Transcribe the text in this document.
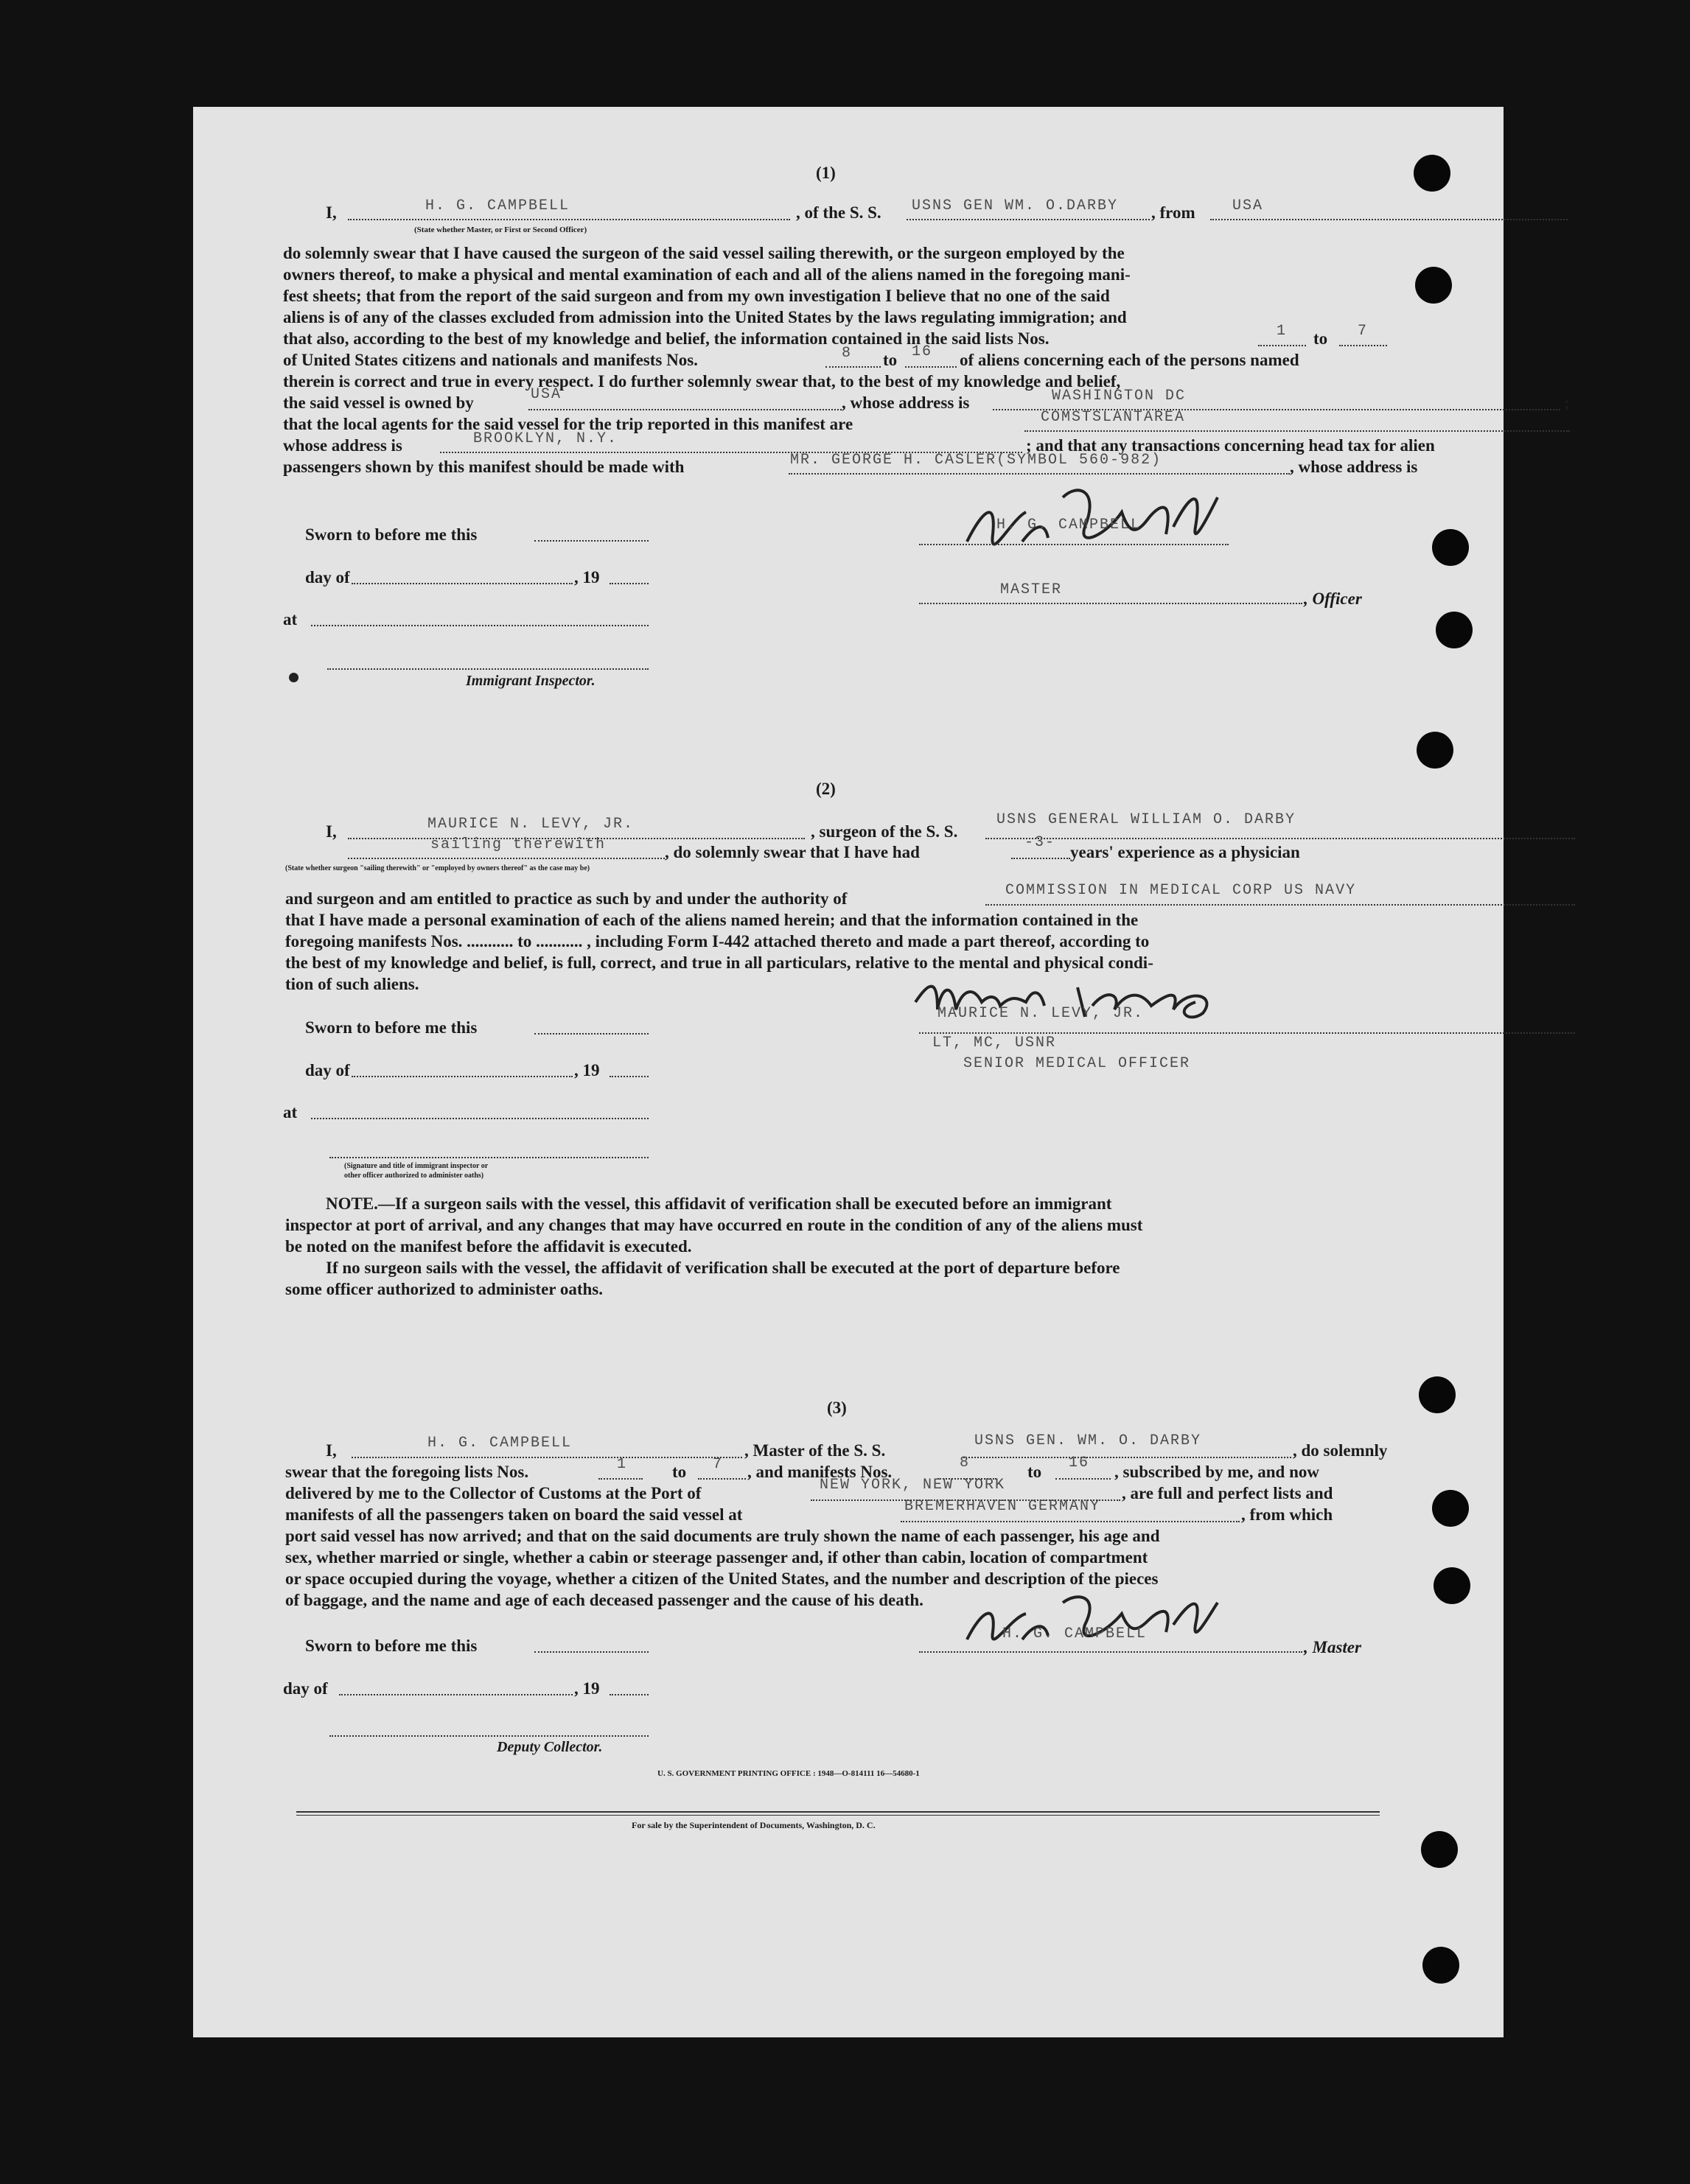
(1)
I,	H. G. CAMPBELL
(State whether Master, or First or Second Officer)
, of the S. S. USNS GEN WM. O.DARBY , from	USA
do solemnly swear that I have caused the surgeon of the said vessel sailing therewith, or the surgeon employed by the
owners thereof, to make a physical and mental examination of each and all of the aliens named in the foregoing mani-
fest sheets; that from the report of the said surgeon and from my own investigation I believe that no one of the said
aliens is of any of the classes excluded from admission into the United States by the laws regulating immigration; and
that also, according to the best of my knowledge and belief, the information contained in the said lists Nos.	1 to 7
of United States citizens and nationals and manifests Nos.	8 to 16 of aliens concerning each of the persons named
therein is correct and true in every respect. I do further solemnly swear that, to the best of my knowledge and belief,
the said vessel is owned by	USA	, whose address is	WASHINGTON DC	;
that the local agents for the said vessel for the trip reported in this manifest are	COMSTSLANTAREA
whose address is	BROOKLYN, N.Y.	; and that any transactions concerning head tax for alien
passengers shown by this manifest should be made with	MR. GEORGE H. CASLER(SYMBOL 560-982)	, whose address is
Sworn to before me this
day of	, 19
at
Immigrant Inspector.
H. G. CAMPBELL
MASTER	, Officer
(2)
I,	MAURICE N. LEVY, JR.	, surgeon of the S. S.
USNS GENERAL WILLIAM O. DARBY
sailing therewith	, do solemnly swear that I have had
-3-
years' experience as a physician
(State whether surgeon "sailing therewith" or "employed by owners thereof" as the case may be)
and surgeon and am entitled to practice as such by and under the authority of	COMMISSION IN MEDICAL CORP US NAVY
that I have made a personal examination of each of the aliens named herein; and that the information contained in the
foregoing manifests Nos. ........... to ........... , including Form I-442 attached thereto and made a part thereof, according to
the best of my knowledge and belief, is full, correct, and true in all particulars, relative to the mental and physical condi-
tion of such aliens.
MAURICE N. LEVY, JR.
LT, MC, USNR
SENIOR MEDICAL OFFICER
Sworn to before me this
day of	, 19
at
(Signature and title of immigrant inspector or
other officer authorized to administer oaths)
NOTE.—If a surgeon sails with the vessel, this affidavit of verification shall be executed before an immigrant
inspector at port of arrival, and any changes that may have occurred en route in the condition of any of the aliens must
be noted on the manifest before the affidavit is executed.
If no surgeon sails with the vessel, the affidavit of verification shall be executed at the port of departure before
some officer authorized to administer oaths.
(3)
I,	H. G. CAMPBELL	, Master of the S. S.
USNS GEN. WM. O. DARBY
, do solemnly
swear that the foregoing lists Nos.	1	to 7 , and manifests Nos.	8	to 16 , subscribed by me, and now
delivered by me to the Collector of Customs at the Port of	NEW YORK, NEW YORK	, are full and perfect lists and
manifests of all the passengers taken on board the said vessel at	BREMERHAVEN GERMANY	, from which
port said vessel has now arrived; and that on the said documents are truly shown the name of each passenger, his age and
sex, whether married or single, whether a cabin or steerage passenger and, if other than cabin, location of compartment
or space occupied during the voyage, whether a citizen of the United States, and the number and description of the pieces
of baggage, and the name and age of each deceased passenger and the cause of his death.
Sworn to before me this
H. G. CAMPBELL
, Master
day of	, 19
Deputy Collector.
U. S. GOVERNMENT PRINTING OFFICE : 1948—O-814111 16—54680-1
For sale by the Superintendent of Documents, Washington, D. C.
